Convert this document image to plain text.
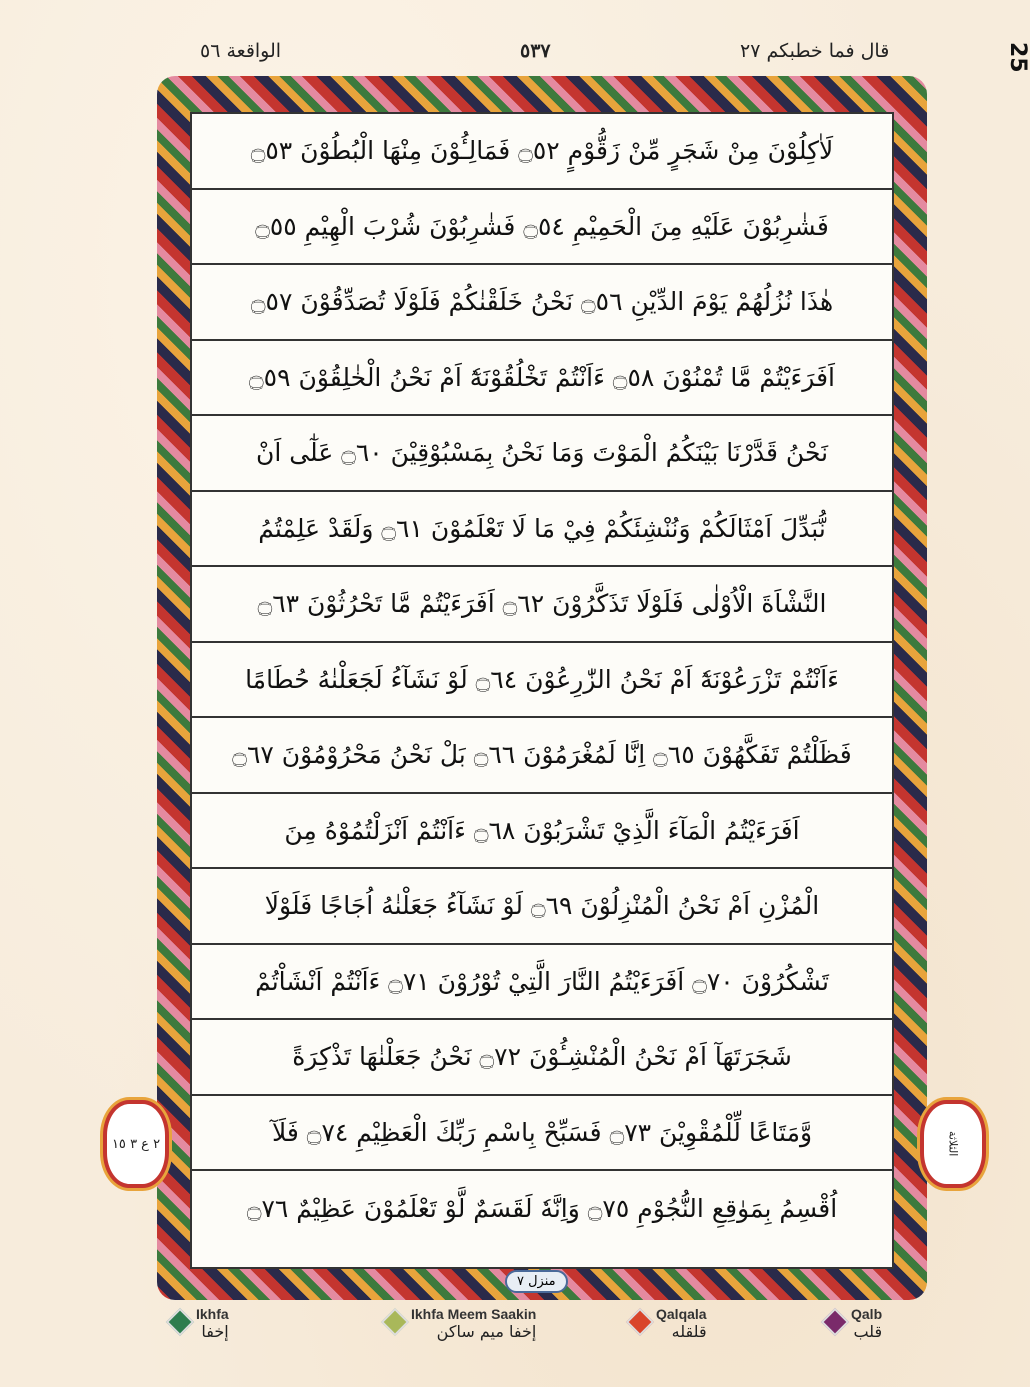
الواقعة ٥٦	٥٣٧	قال فما خطبكم ٢٧	25
لَاٰكِلُوْنَ مِنْ شَجَرٍ مِّنْ زَقُّوْمٍ ۝٥٢ فَمَالِـُٔوْنَ مِنْهَا الْبُطُوْنَ ۝٥٣
فَشٰرِبُوْنَ عَلَيْهِ مِنَ الْحَمِيْمِ ۝٥٤ فَشٰرِبُوْنَ شُرْبَ الْهِيْمِ ۝٥٥
هٰذَا نُزُلُهُمْ يَوْمَ الدِّيْنِ ۝٥٦ نَحْنُ خَلَقْنٰكُمْ فَلَوْلَا تُصَدِّقُوْنَ ۝٥٧
اَفَرَءَيْتُمْ مَّا تُمْنُوْنَ ۝٥٨ ءَاَنْتُمْ تَخْلُقُوْنَهٗٓ اَمْ نَحْنُ الْخٰلِقُوْنَ ۝٥٩
نَحْنُ قَدَّرْنَا بَيْنَكُمُ الْمَوْتَ وَمَا نَحْنُ بِمَسْبُوْقِيْنَ ۝٦٠ عَلٰٓى اَنْ
نُّبَدِّلَ اَمْثَالَكُمْ وَنُنْشِئَكُمْ فِيْ مَا لَا تَعْلَمُوْنَ ۝٦١ وَلَقَدْ عَلِمْتُمُ
النَّشْاَةَ الْاُوْلٰى فَلَوْلَا تَذَكَّرُوْنَ ۝٦٢ اَفَرَءَيْتُمْ مَّا تَحْرُثُوْنَ ۝٦٣
ءَاَنْتُمْ تَزْرَعُوْنَهٗٓ اَمْ نَحْنُ الزّٰرِعُوْنَ ۝٦٤ لَوْ نَشَآءُ لَجَعَلْنٰهُ حُطَامًا
فَظَلْتُمْ تَفَكَّهُوْنَ ۝٦٥ اِنَّا لَمُغْرَمُوْنَ ۝٦٦ بَلْ نَحْنُ مَحْرُوْمُوْنَ ۝٦٧
اَفَرَءَيْتُمُ الْمَآءَ الَّذِيْ تَشْرَبُوْنَ ۝٦٨ ءَاَنْتُمْ اَنْزَلْتُمُوْهُ مِنَ
الْمُزْنِ اَمْ نَحْنُ الْمُنْزِلُوْنَ ۝٦٩ لَوْ نَشَآءُ جَعَلْنٰهُ اُجَاجًا فَلَوْلَا
تَشْكُرُوْنَ ۝٧٠ اَفَرَءَيْتُمُ النَّارَ الَّتِيْ تُوْرُوْنَ ۝٧١ ءَاَنْتُمْ اَنْشَاْتُمْ
شَجَرَتَهَآ اَمْ نَحْنُ الْمُنْشِـُٔوْنَ ۝٧٢ نَحْنُ جَعَلْنٰهَا تَذْكِرَةً
وَّمَتَاعًا لِّلْمُقْوِيْنَ ۝٧٣ فَسَبِّحْ بِاسْمِ رَبِّكَ الْعَظِيْمِ ۝٧٤ فَلَآ
اُقْسِمُ بِمَوٰقِعِ النُّجُوْمِ ۝٧٥ وَاِنَّهٗ لَقَسَمٌ لَّوْ تَعْلَمُوْنَ عَظِيْمٌ ۝٧٦
٢ ع ٣ ١٥	الثلاثة
منزل ٧
Ikhfa
إخفا
Ikhfa Meem Saakin
إخفا ميم ساكن
Qalqala
قلقله
Qalb
قلب
